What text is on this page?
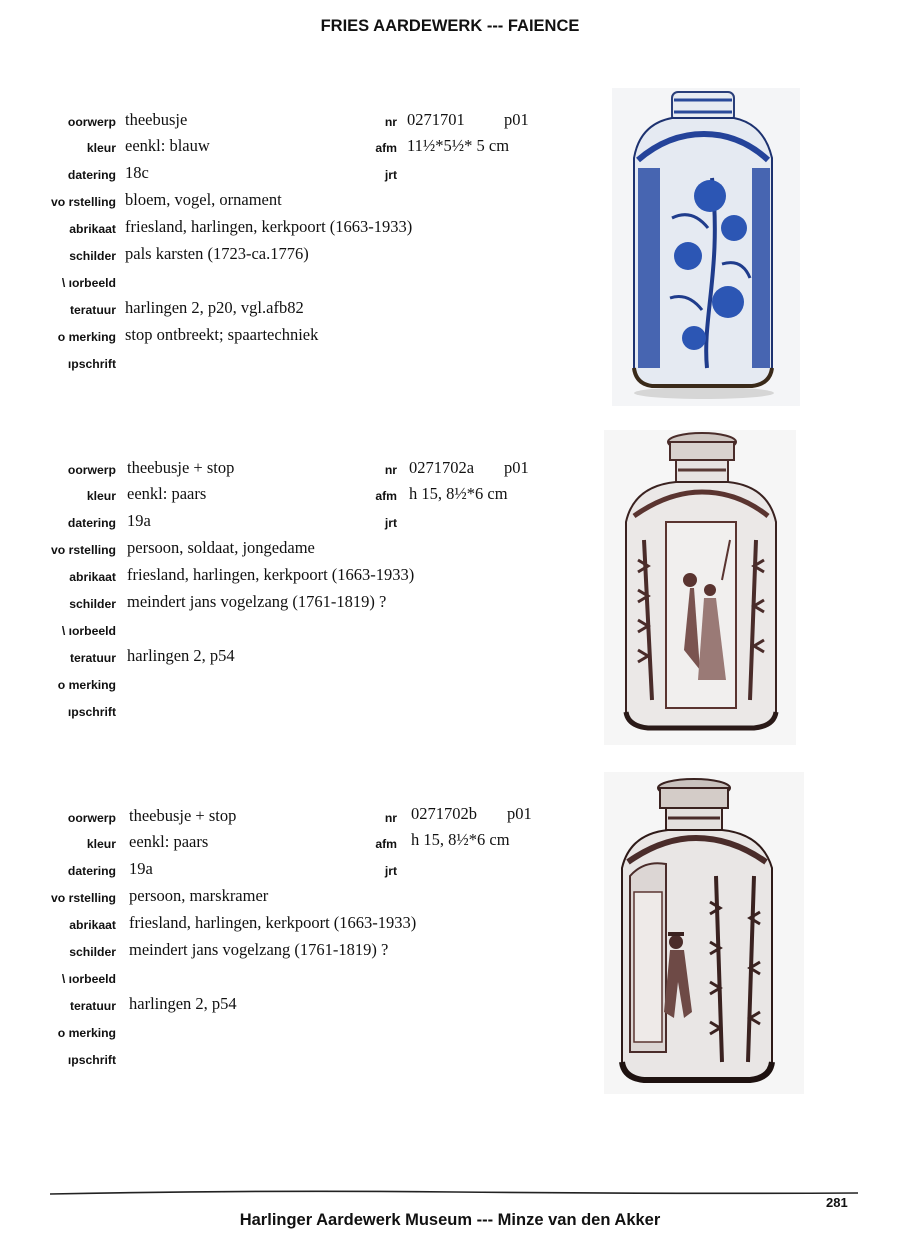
FRIES AARDEWERK --- FAIENCE
oorwerp theebusje	nr 0271701 p01
kleur eenkl: blauw	afm 11½*5½* 5 cm
datering 18c	jrt
vo rstelling bloem, vogel, ornament
abrikaat friesland, harlingen, kerkpoort (1663-1933)
schilder pals karsten (1723-ca.1776)
\ ıorbeeld
teratuur harlingen 2, p20, vgl.afb82
o merking stop ontbreekt; spaartechniek
ıpschrift
oorwerp theebusje + stop	nr 0271702a p01
kleur eenkl: paars	afm h 15, 8½*6 cm
datering 19a	jrt
vo rstelling persoon, soldaat, jongedame
abrikaat friesland, harlingen, kerkpoort (1663-1933)
schilder meindert jans vogelzang (1761-1819) ?
\ ıorbeeld
teratuur harlingen 2, p54
o merking
ıpschrift
oorwerp theebusje + stop	nr 0271702b p01
kleur eenkl: paars	afm h 15, 8½*6 cm
datering 19a	jrt
vo rstelling persoon, marskramer
abrikaat friesland, harlingen, kerkpoort (1663-1933)
schilder meindert jans vogelzang (1761-1819) ?
\ ıorbeeld
teratuur harlingen 2, p54
o merking
ıpschrift
281
Harlinger Aardewerk Museum --- Minze van den Akker
